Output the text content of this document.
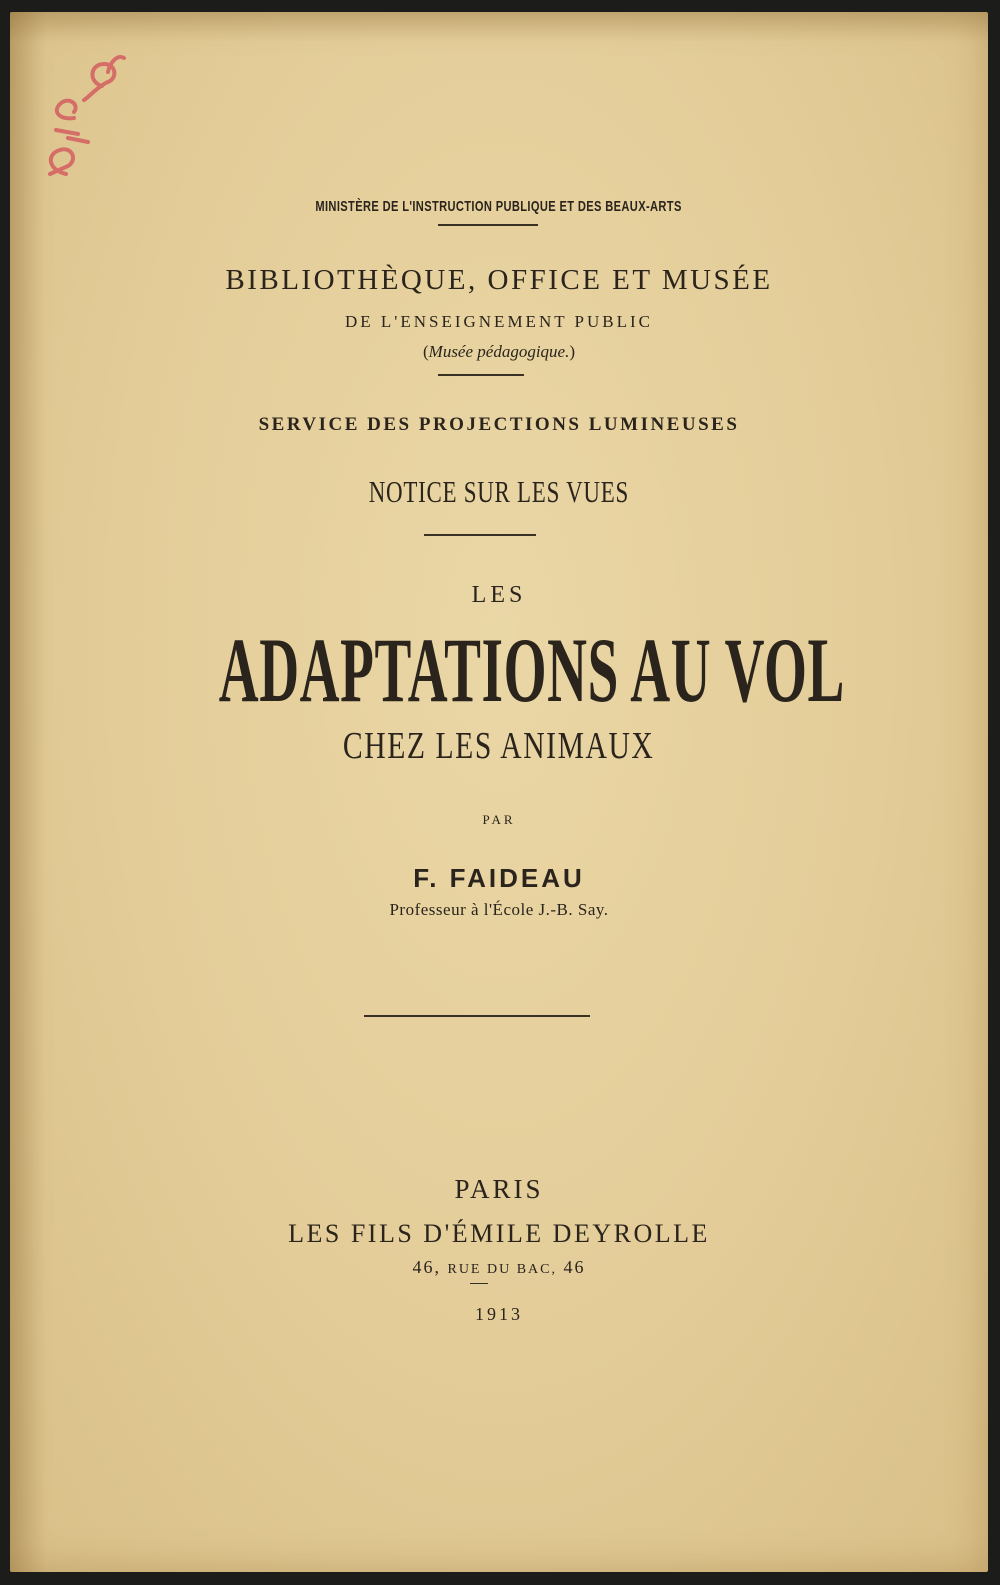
MINISTÈRE DE L'INSTRUCTION PUBLIQUE ET DES BEAUX-ARTS
BIBLIOTHÈQUE, OFFICE ET MUSÉE
DE L'ENSEIGNEMENT PUBLIC
(Musée pédagogique.)
SERVICE DES PROJECTIONS LUMINEUSES
NOTICE SUR LES VUES
LES
ADAPTATIONS AU VOL
CHEZ LES ANIMAUX
PAR
F. FAIDEAU
Professeur à l'École J.-B. Say.
PARIS
LES FILS D'ÉMILE DEYROLLE
46, RUE DU BAC, 46
1913
